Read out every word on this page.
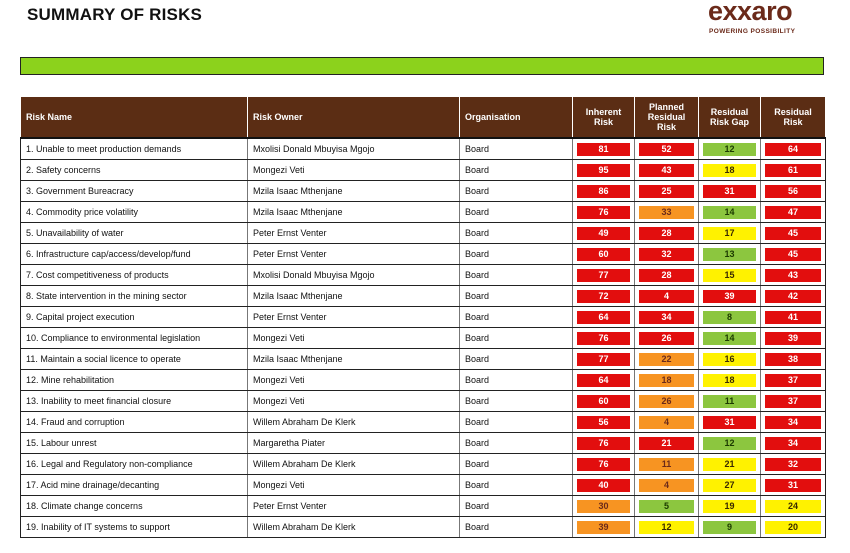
SUMMARY OF RISKS	exxaro
POWERING POSSIBILITY
Risk Name	Risk Owner	Organisation	Inherent Risk	Planned Residual Risk	Residual Risk Gap	Residual Risk
1. Unable to meet production demands	Mxolisi Donald Mbuyisa Mgojo	Board	81	52	12	64

2. Safety concerns	Mongezi Veti	Board	95	43	18	61

3. Government Bureacracy	Mzila Isaac Mthenjane	Board	86	25	31	56

4. Commodity price volatility	Mzila Isaac Mthenjane	Board	76	33	14	47

5. Unavailability of water	Peter Ernst Venter	Board	49	28	17	45

6. Infrastructure cap/access/develop/fund	Peter Ernst Venter	Board	60	32	13	45

7. Cost competitiveness of products	Mxolisi Donald Mbuyisa Mgojo	Board	77	28	15	43

8. State intervention in the mining sector	Mzila Isaac Mthenjane	Board	72	4	39	42

9. Capital project execution	Peter Ernst Venter	Board	64	34	8	41

10. Compliance to environmental legislation	Mongezi Veti	Board	76	26	14	39

11. Maintain a social licence to operate	Mzila Isaac Mthenjane	Board	77	22	16	38

12. Mine rehabilitation	Mongezi Veti	Board	64	18	18	37

13. Inability to meet financial closure	Mongezi Veti	Board	60	26	11	37

14. Fraud and corruption	Willem Abraham De Klerk	Board	56	4	31	34

15. Labour unrest	Margaretha Piater	Board	76	21	12	34

16. Legal and Regulatory non-compliance	Willem Abraham De Klerk	Board	76	11	21	32

17. Acid mine drainage/decanting	Mongezi Veti	Board	40	4	27	31

18. Climate change concerns	Peter Ernst Venter	Board	30	5	19	24

19. Inability of IT systems to support	Willem Abraham De Klerk	Board	39	12	9	20
